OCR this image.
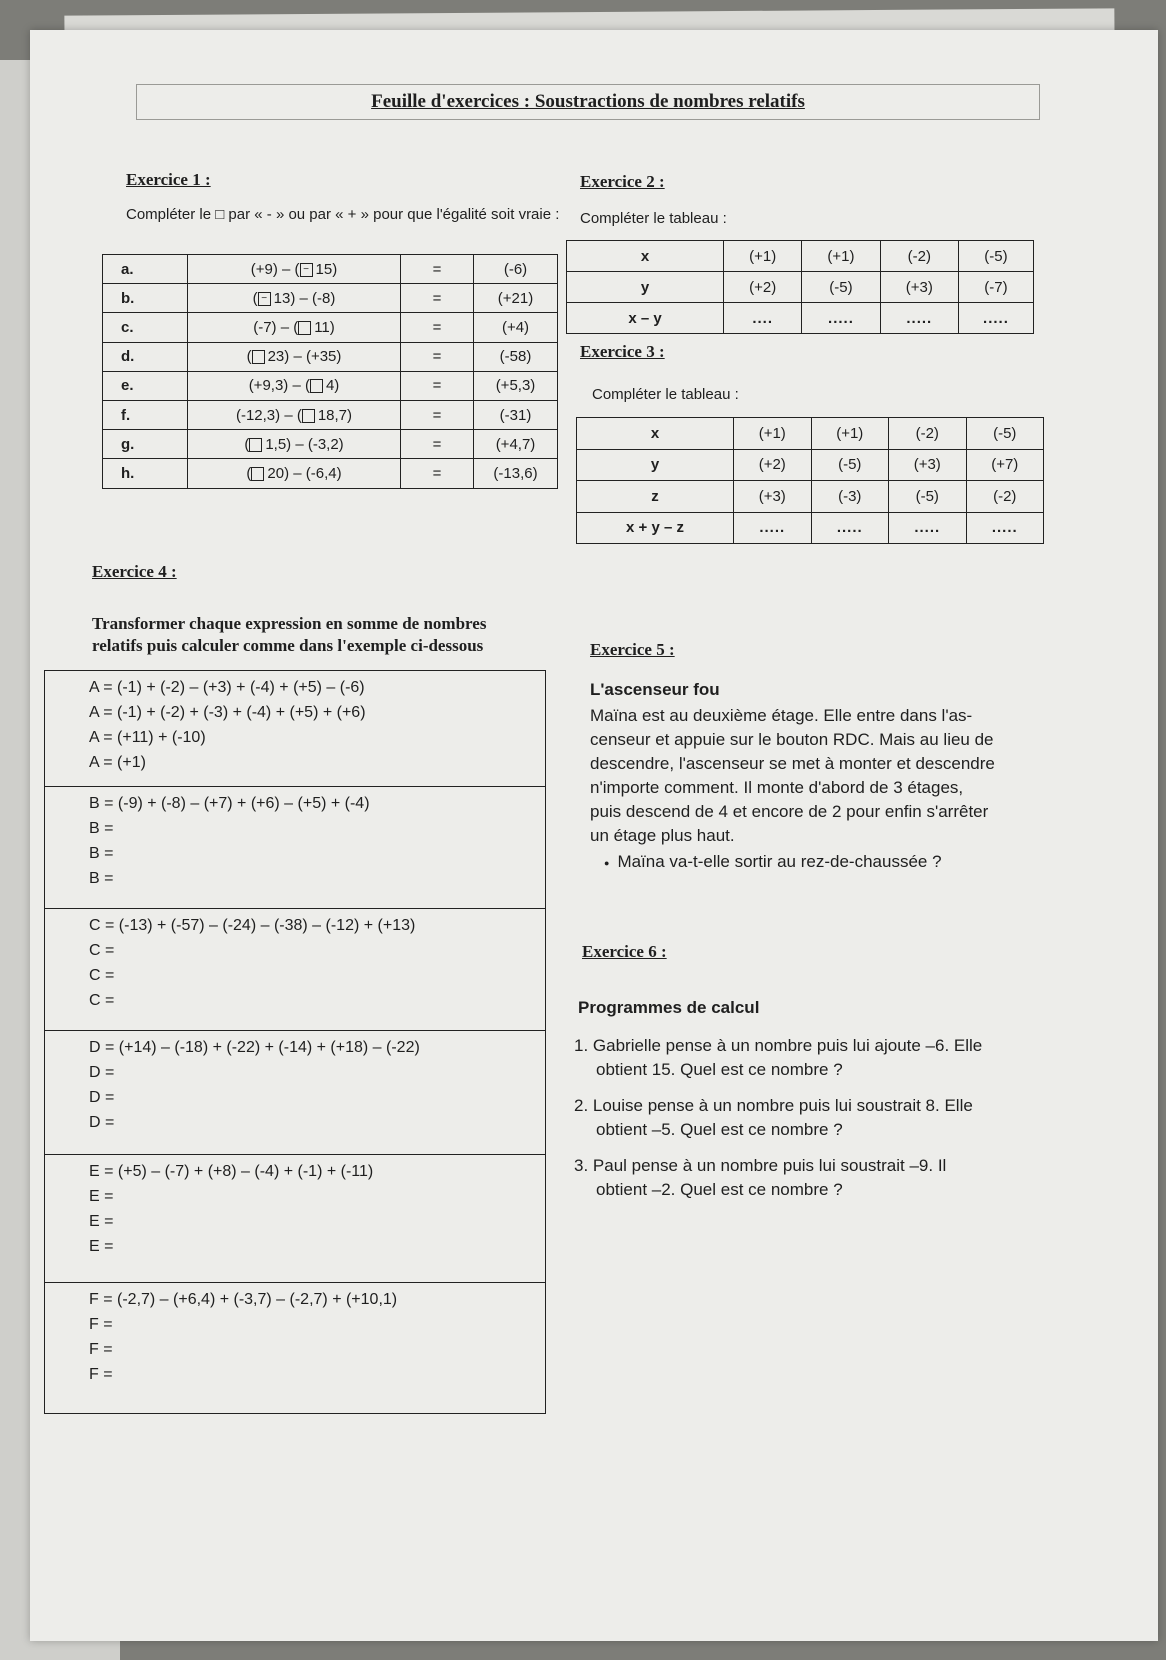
Feuille d'exercices : Soustractions de nombres relatifs
Exercice 1 :
Compléter le □ par « - » ou par « + » pour que l'égalité soit vraie :
a.	(+9) – ( − 15)	=	(-6)
b.	( − 13) – (-8)	=	(+21)
c.	(-7) – ( 11)	=	(+4)
d.	( 23) – (+35)	=	(-58)
e.	(+9,3) – ( 4)	=	(+5,3)
f.	(-12,3) – ( 18,7)	=	(-31)
g.	( 1,5) – (-3,2)	=	(+4,7)
h.	( 20) – (-6,4)	=	(-13,6)
Exercice 2 :
Compléter le tableau :
x	(+1)	(+1)	(-2)	(-5)
y	(+2)	(-5)	(+3)	(-7)
x – y	....	.....	.....	.....
Exercice 3 :
Compléter le tableau :
x	(+1)	(+1)	(-2)	(-5)
y	(+2)	(-5)	(+3)	(+7)
z	(+3)	(-3)	(-5)	(-2)
x + y – z	.....	.....	.....	.....
Exercice 4 :
Transformer chaque expression en somme de nombres
relatifs puis calculer comme dans l'exemple ci-dessous
A = (-1) + (-2) – (+3) + (-4) + (+5) – (-6)
A = (-1) + (-2) + (-3) + (-4) + (+5) + (+6)
A = (+11) + (-10)
A = (+1)
B = (-9) + (-8) – (+7) + (+6) – (+5) + (-4)
B =
B =
B =
C = (-13) + (-57) – (-24) – (-38) – (-12) + (+13)
C =
C =
C =
D = (+14) – (-18) + (-22) + (-14) + (+18) – (-22)
D =
D =
D =
E = (+5) – (-7) + (+8) – (-4) + (-1) + (-11)
E =
E =
E =
F = (-2,7) – (+6,4) + (-3,7) – (-2,7) + (+10,1)
F =
F =
F =
Exercice 5 :
L'ascenseur fou
Maïna est au deuxième étage. Elle entre dans l'as-
censeur et appuie sur le bouton RDC. Mais au lieu de
descendre, l'ascenseur se met à monter et descendre
n'importe comment. Il monte d'abord de 3 étages,
puis descend de 4 et encore de 2 pour enfin s'arrêter
un étage plus haut.
● Maïna va-t-elle sortir au rez-de-chaussée ?
Exercice 6 :
Programmes de calcul
1. Gabrielle pense à un nombre puis lui ajoute –6. Elle
obtient 15. Quel est ce nombre ?
2. Louise pense à un nombre puis lui soustrait 8. Elle
obtient –5. Quel est ce nombre ?
3. Paul pense à un nombre puis lui soustrait –9. Il
obtient –2. Quel est ce nombre ?
